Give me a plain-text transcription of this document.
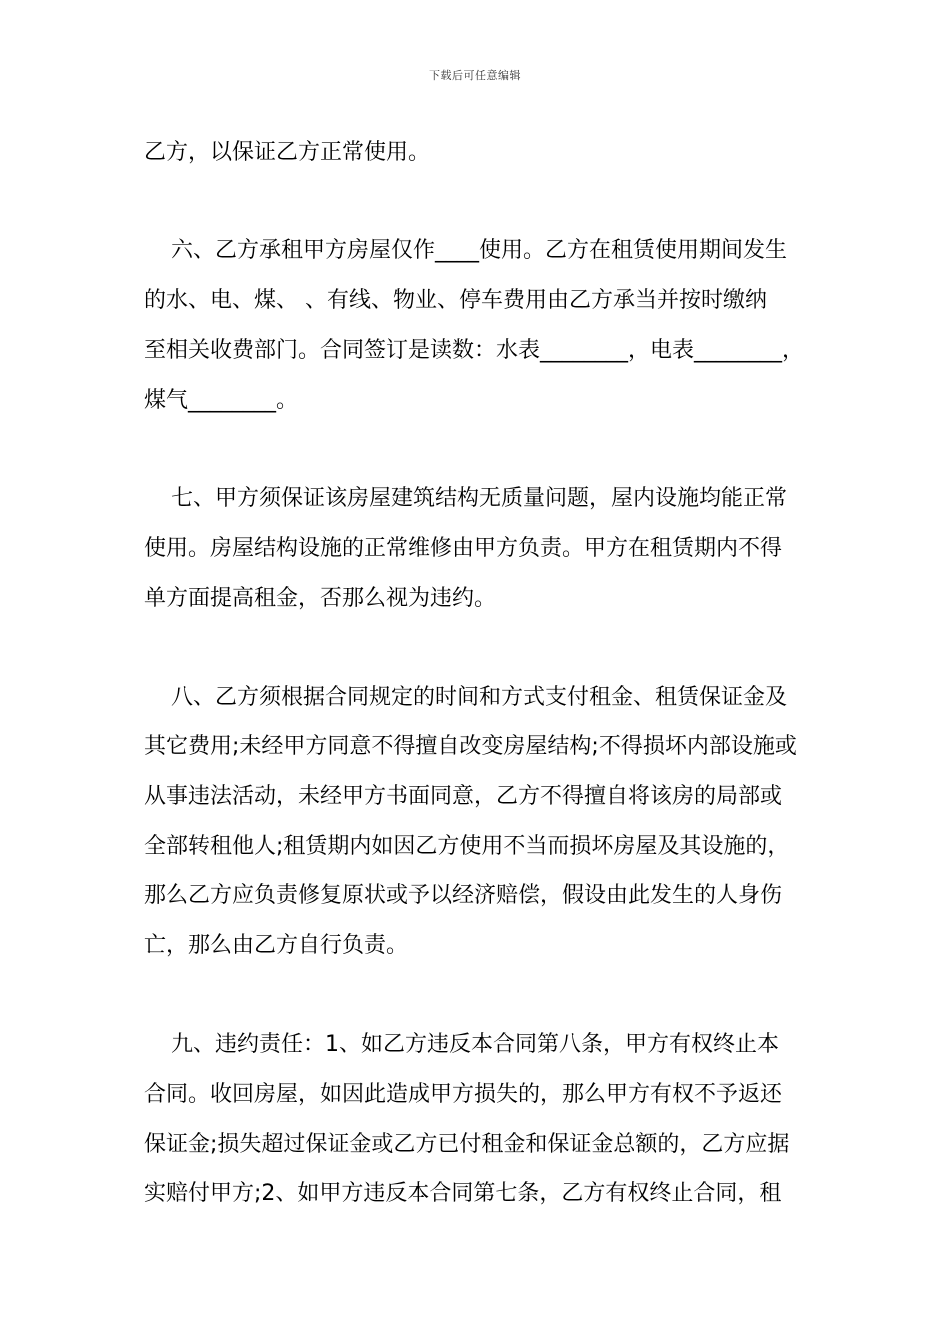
下载后可任意编辑
乙方，以保证乙方正常使用。
六、乙方承租甲方房屋仅作____使用。乙方在租赁使用期间发生
的水、电、煤、 、有线、物业、停车费用由乙方承当并按时缴纳
至相关收费部门。合同签订是读数：水表________，电表________，
煤气________。
七、甲方须保证该房屋建筑结构无质量问题，屋内设施均能正常
使用。房屋结构设施的正常维修由甲方负责。甲方在租赁期内不得
单方面提高租金，否那么视为违约。
八、乙方须根据合同规定的时间和方式支付租金、租赁保证金及
其它费用;未经甲方同意不得擅自改变房屋结构;不得损坏内部设施或
从事违法活动，未经甲方书面同意，乙方不得擅自将该房的局部或
全部转租他人;租赁期内如因乙方使用不当而损坏房屋及其设施的，
那么乙方应负责修复原状或予以经济赔偿，假设由此发生的人身伤
亡，那么由乙方自行负责。
九、违约责任：1、如乙方违反本合同第八条，甲方有权终止本
合同。收回房屋，如因此造成甲方损失的，那么甲方有权不予返还
保证金;损失超过保证金或乙方已付租金和保证金总额的，乙方应据
实赔付甲方;2、如甲方违反本合同第七条，乙方有权终止合同，租
